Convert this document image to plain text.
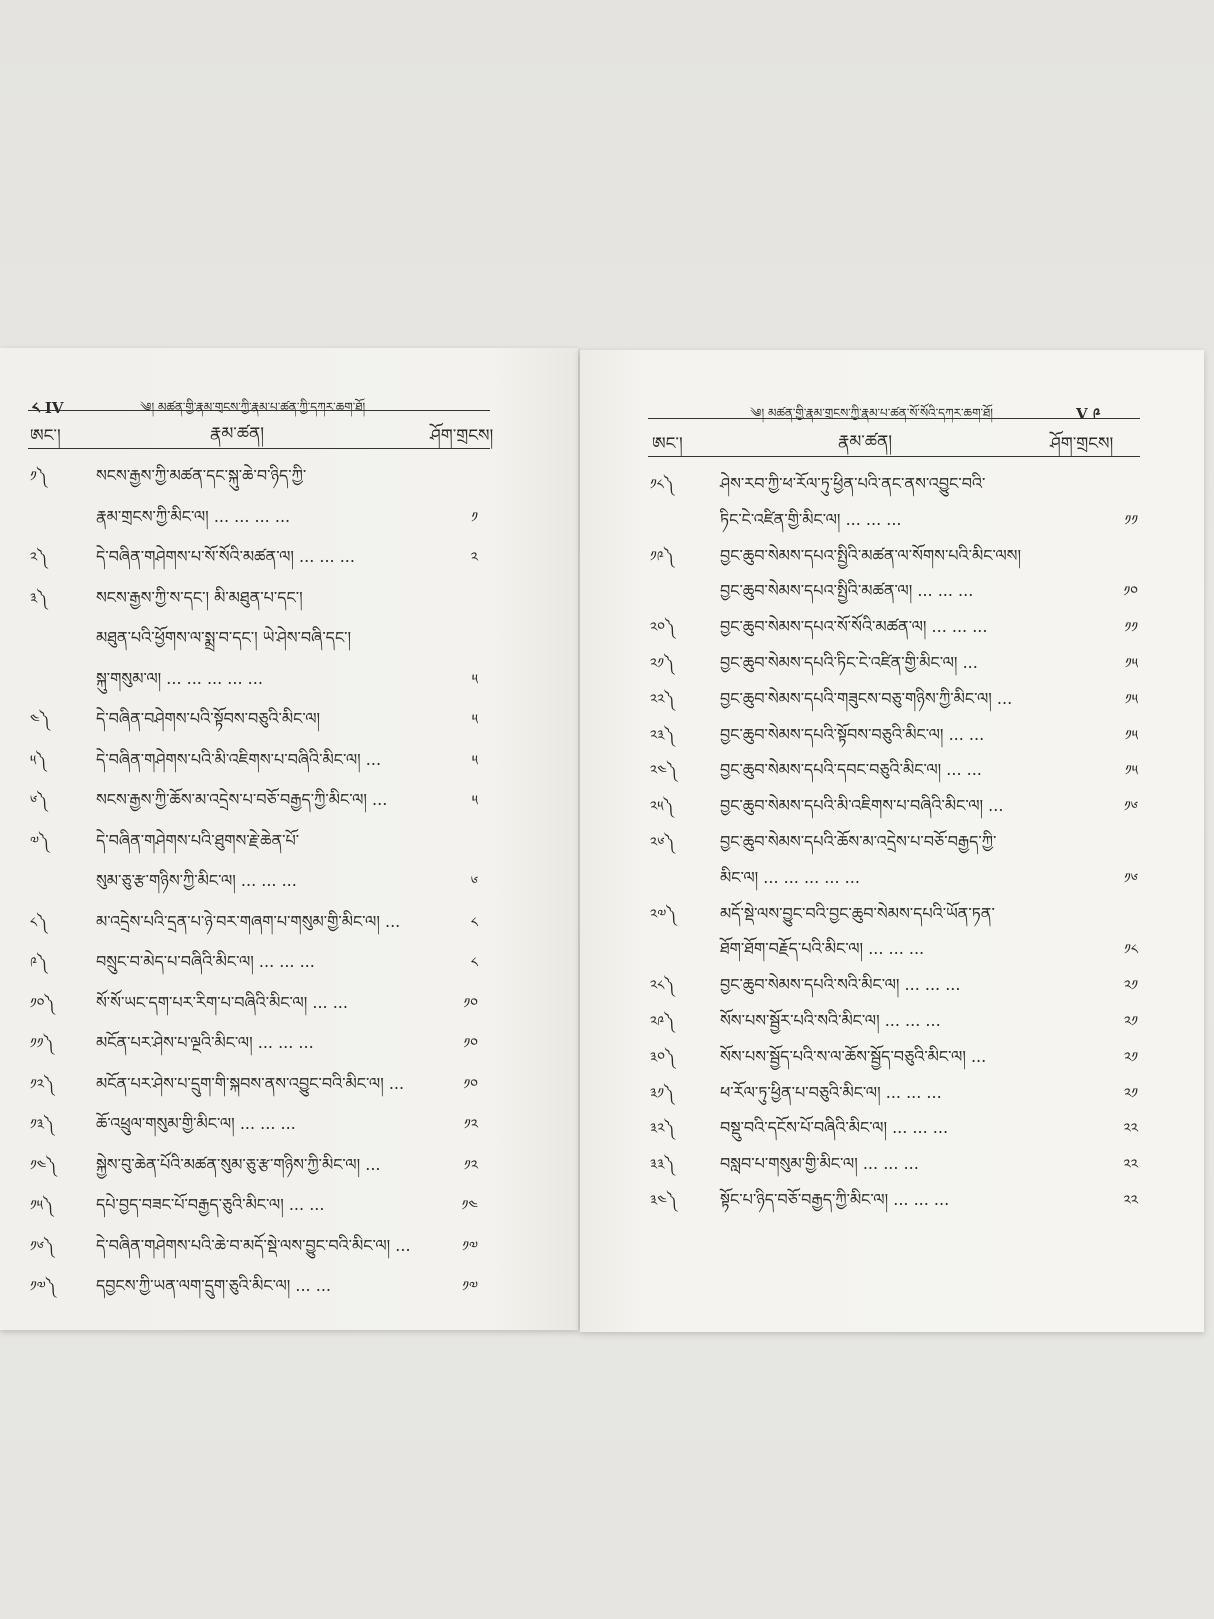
༨ IV	༄། མཚན་གྱི་རྣམ་གྲངས་ཀྱི་རྣམ་པ་ཚན་ཀྱི་དཀར་ཆག་ཐོ།
ཨང་།	རྣམ་ཚན།	ཤོག་གྲངས།
༡༽	སངས་རྒྱས་ཀྱི་མཚན་དང་སྐུ་ཆེ་བ་ཉིད་ཀྱི་
རྣམ་གྲངས་ཀྱི་མིང་ལ། ... ... ... ...	༡
༢༽	དེ་བཞིན་གཤེགས་པ་སོ་སོའི་མཚན་ལ། ... ... ...	༢
༣༽	སངས་རྒྱས་ཀྱི་ས་དང་། མི་མཐུན་པ་དང་།
མཐུན་པའི་ཕྱོགས་ལ་སྨྲ་བ་དང་། ཡེ་ཤེས་བཞི་དང་།
སྐུ་གསུམ་ལ། ... ... ... ... ...	༥
༤༽	དེ་བཞིན་བཤེགས་པའི་སྟོབས་བཅུའི་མིང་ལ།	༥
༥༽	དེ་བཞིན་གཤེགས་པའི་མི་འཇིགས་པ་བཞིའི་མིང་ལ། ...	༥
༦༽	སངས་རྒྱས་ཀྱི་ཆོས་མ་འདྲེས་པ་བཅོ་བརྒྱད་ཀྱི་མིང་ལ། ...	༥
༧༽	དེ་བཞིན་གཤེགས་པའི་ཐུགས་རྗེ་ཆེན་པོ་
སུམ་ཅུ་རྩ་གཉིས་ཀྱི་མིང་ལ། ... ... ...	༦
༨༽	མ་འདྲེས་པའི་དྲན་པ་ཉེ་བར་གཞག་པ་གསུམ་གྱི་མིང་ལ། ...	༨
༩༽	བསྲུང་བ་མེད་པ་བཞིའི་མིང་ལ། ... ... ...	༨
༡༠༽	སོ་སོ་ཡང་དག་པར་རིག་པ་བཞིའི་མིང་ལ། ... ...	༡༠
༡༡༽	མངོན་པར་ཤེས་པ་ལྔའི་མིང་ལ། ... ... ...	༡༠
༡༢༽	མངོན་པར་ཤེས་པ་དྲུག་གི་སྐབས་ནས་འབྱུང་བའི་མིང་ལ། ...	༡༠
༡༣༽	ཆོ་འཕྲུལ་གསུམ་གྱི་མིང་ལ། ... ... ...	༡༢
༡༤༽ སྐྱེས་བུ་ཆེན་པོའི་མཚན་སུམ་ཅུ་རྩ་གཉིས་ཀྱི་མིང་ལ། ...	༡༢
༡༥༽	དཔེ་བྱད་བཟང་པོ་བརྒྱད་ཅུའི་མིང་ལ། ... ...	༡༤
༡༦༽	དེ་བཞིན་གཤེགས་པའི་ཆེ་བ་མདོ་སྡེ་ལས་བྱུང་བའི་མིང་ལ། ...	༡༧
༡༧༽	དབྱངས་ཀྱི་ཡན་ལག་དྲུག་ཅུའི་མིང་ལ། ... ...	༡༧
༄། མཚན་གྱི་རྣམ་གྲངས་ཀྱི་རྣམ་པ་ཚན་སོ་སོའི་དཀར་ཆག་ཐོ།	V ༩
ཨང་།	རྣམ་ཚན།	ཤོག་གྲངས།
༡༨༽	ཤེས་རབ་ཀྱི་ཕ་རོལ་ཏུ་ཕྱིན་པའི་ནང་ནས་འབྱུང་བའི་
ཏིང་ངེ་འཛིན་གྱི་མིང་ལ། ... ... ...	༡༡
༡༩༽	བྱང་ཆུབ་སེམས་དཔའ་སྤྱིའི་མཚན་ལ་སོགས་པའི་མིང་ལས།
བྱང་ཆུབ་སེམས་དཔའ་སྤྱིའི་མཚན་ལ། ... ... ...	༡༠
༢༠༽	བྱང་ཆུབ་སེམས་དཔའ་སོ་སོའི་མཚན་ལ། ... ... ...	༡༡
༢༡༽	བྱང་ཆུབ་སེམས་དཔའི་ཏིང་ངེ་འཛིན་གྱི་མིང་ལ། ...	༡༥
༢༢༽	བྱང་ཆུབ་སེམས་དཔའི་གཟུངས་བཅུ་གཉིས་ཀྱི་མིང་ལ། ...	༡༥
༢༣༽	བྱང་ཆུབ་སེམས་དཔའི་སྟོབས་བཅུའི་མིང་ལ། ... ...	༡༥
༢༤༽	བྱང་ཆུབ་སེམས་དཔའི་དབང་བཅུའི་མིང་ལ། ... ...	༡༥
༢༥༽	བྱང་ཆུབ་སེམས་དཔའི་མི་འཇིགས་པ་བཞིའི་མིང་ལ། ...	༡༦
༢༦༽	བྱང་ཆུབ་སེམས་དཔའི་ཆོས་མ་འདྲེས་པ་བཅོ་བརྒྱད་ཀྱི་
མིང་ལ། ... ... ... ... ...	༡༦
༢༧༽	མདོ་སྡེ་ལས་བྱུང་བའི་བྱང་ཆུབ་སེམས་དཔའི་ཡོན་ཏན་
ཐོག་ཐོག་བརྗོད་པའི་མིང་ལ། ... ... ...	༡༨
༢༨༽	བྱང་ཆུབ་སེམས་དཔའི་སའི་མིང་ལ། ... ... ...	༢༡
༢༩༽	སོས་པས་སྦྱོར་པའི་སའི་མིང་ལ། ... ... ...	༢༡
༣༠༽	སོས་པས་སྦྱོད་པའི་ས་ལ་ཆོས་སྦྱོད་བཅུའི་མིང་ལ། ...	༢༡
༣༡༽	ཕ་རོལ་ཏུ་ཕྱིན་པ་བཅུའི་མིང་ལ། ... ... ...	༢༡
༣༢༽	བསྡུ་བའི་དངོས་པོ་བཞིའི་མིང་ལ། ... ... ...	༢༢
༣༣༽	བསླབ་པ་གསུམ་གྱི་མིང་ལ། ... ... ...	༢༢
༣༤༽	སྟོང་པ་ཉིད་བཅོ་བརྒྱད་ཀྱི་མིང་ལ། ... ... ...	༢༢
